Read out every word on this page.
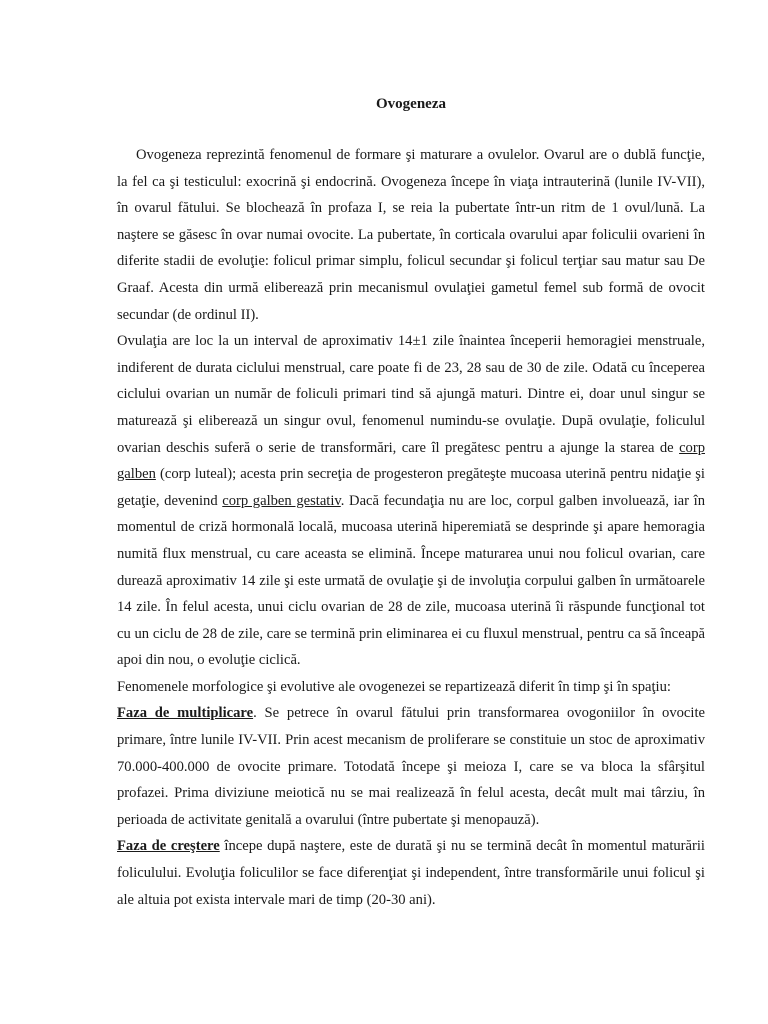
Ovogeneza

Ovogeneza reprezintă fenomenul de formare şi maturare a ovulelor. Ovarul are o dublă funcţie, la fel ca şi testiculul: exocrină şi endocrină. Ovogeneza începe în viaţa intrauterină (lunile IV-VII), în ovarul fătului. Se blochează în profaza I, se reia la pubertate într-un ritm de 1 ovul/lună. La naştere se găsesc în ovar numai ovocite. La pubertate, în corticala ovarului apar foliculii ovarieni în diferite stadii de evoluţie: folicul primar simplu, folicul secundar şi folicul terţiar sau matur sau De Graaf. Acesta din urmă eliberează prin mecanismul ovulaţiei gametul femel sub formă de ovocit secundar (de ordinul II).

Ovulaţia are loc la un interval de aproximativ 14±1 zile înaintea începerii hemoragiei menstruale, indiferent de durata ciclului menstrual, care poate fi de 23, 28 sau de 30 de zile. Odată cu începerea ciclului ovarian un număr de foliculi primari tind să ajungă maturi. Dintre ei, doar unul singur se maturează şi eliberează un singur ovul, fenomenul numindu-se ovulaţie. După ovulaţie, foliculul ovarian deschis suferă o serie de transformări, care îl pregătesc pentru a ajunge la starea de corp galben (corp luteal); acesta prin secreţia de progesteron pregăteşte mucoasa uterină pentru nidaţie şi getaţie, devenind corp galben gestativ. Dacă fecundaţia nu are loc, corpul galben involuează, iar în momentul de criză hormonală locală, mucoasa uterină hiperemiată se desprinde şi apare hemoragia numită flux menstrual, cu care aceasta se elimină. Începe maturarea unui nou folicul ovarian, care durează aproximativ 14 zile şi este urmată de ovulaţie şi de involuţia corpului galben în următoarele 14 zile. În felul acesta, unui ciclu ovarian de 28 de zile, mucoasa uterină îi răspunde funcţional tot cu un ciclu de 28 de zile, care se termină prin eliminarea ei cu fluxul menstrual, pentru ca să înceapă apoi din nou, o evoluţie ciclică.

Fenomenele morfologice şi evolutive ale ovogenezei se repartizează diferit în timp şi în spaţiu:

Faza de multiplicare. Se petrece în ovarul fătului prin transformarea ovogoniilor în ovocite primare, între lunile IV-VII. Prin acest mecanism de proliferare se constituie un stoc de aproximativ 70.000-400.000 de ovocite primare. Totodată începe şi meioza I, care se va bloca la sfârşitul profazei. Prima diviziune meiotică nu se mai realizează în felul acesta, decât mult mai târziu, în perioada de activitate genitală a ovarului (între pubertate şi menopauză).

Faza de creştere începe după naştere, este de durată şi nu se termină decât în momentul maturării foliculului. Evoluţia foliculilor se face diferenţiat şi independent, între transformările unui folicul şi ale altuia pot exista intervale mari de timp (20-30 ani).
